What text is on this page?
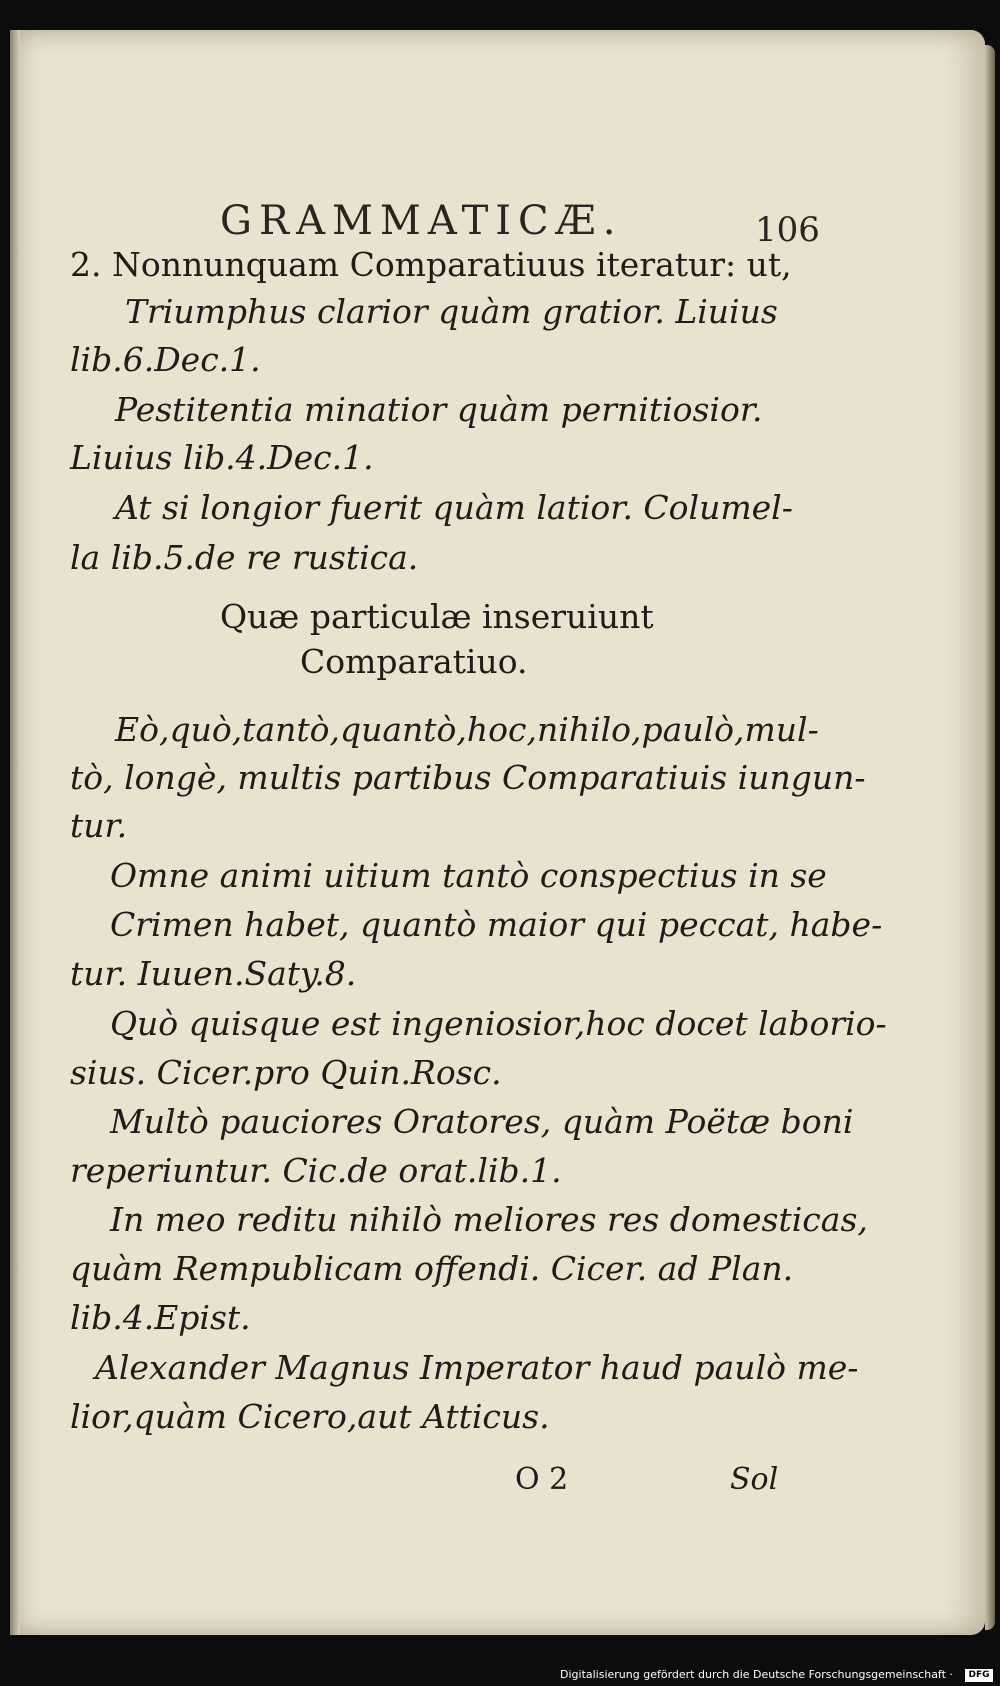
GRAMMATICÆ.	106
2. Nonnunquam Comparatiuus iteratur: ut,
Triumphus clarior quàm gratior. Liuius
lib.6.Dec.1.
Pestitentia minatior quàm pernitiosior.
Liuius lib.4.Dec.1.
At si longior fuerit quàm latior. Columel-
la lib.5.de re rustica.
Quæ particulæ inseruiunt
Comparatiuo.
Eò,quò,tantò,quantò,hoc,nihilo,paulò,mul-
tò, longè, multis partibus Comparatiuis iungun-
tur.
Omne animi uitium tantò conspectius in se
Crimen habet, quantò maior qui peccat, habe-
tur. Iuuen.Saty.8.
Quò quisque est ingeniosior,hoc docet laborio-
sius. Cicer.pro Quin.Rosc.
Multò pauciores Oratores, quàm Poëtæ boni
reperiuntur. Cic.de orat.lib.1.
In meo reditu nihilò meliores res domesticas,
quàm Rempublicam offendi. Cicer. ad Plan.
lib.4.Epist.
Alexander Magnus Imperator haud paulò me-
lior,quàm Cicero,aut Atticus.
O 2	Sol
Digitalisierung gefördert durch die Deutsche Forschungsgemeinschaft ·	DFG
